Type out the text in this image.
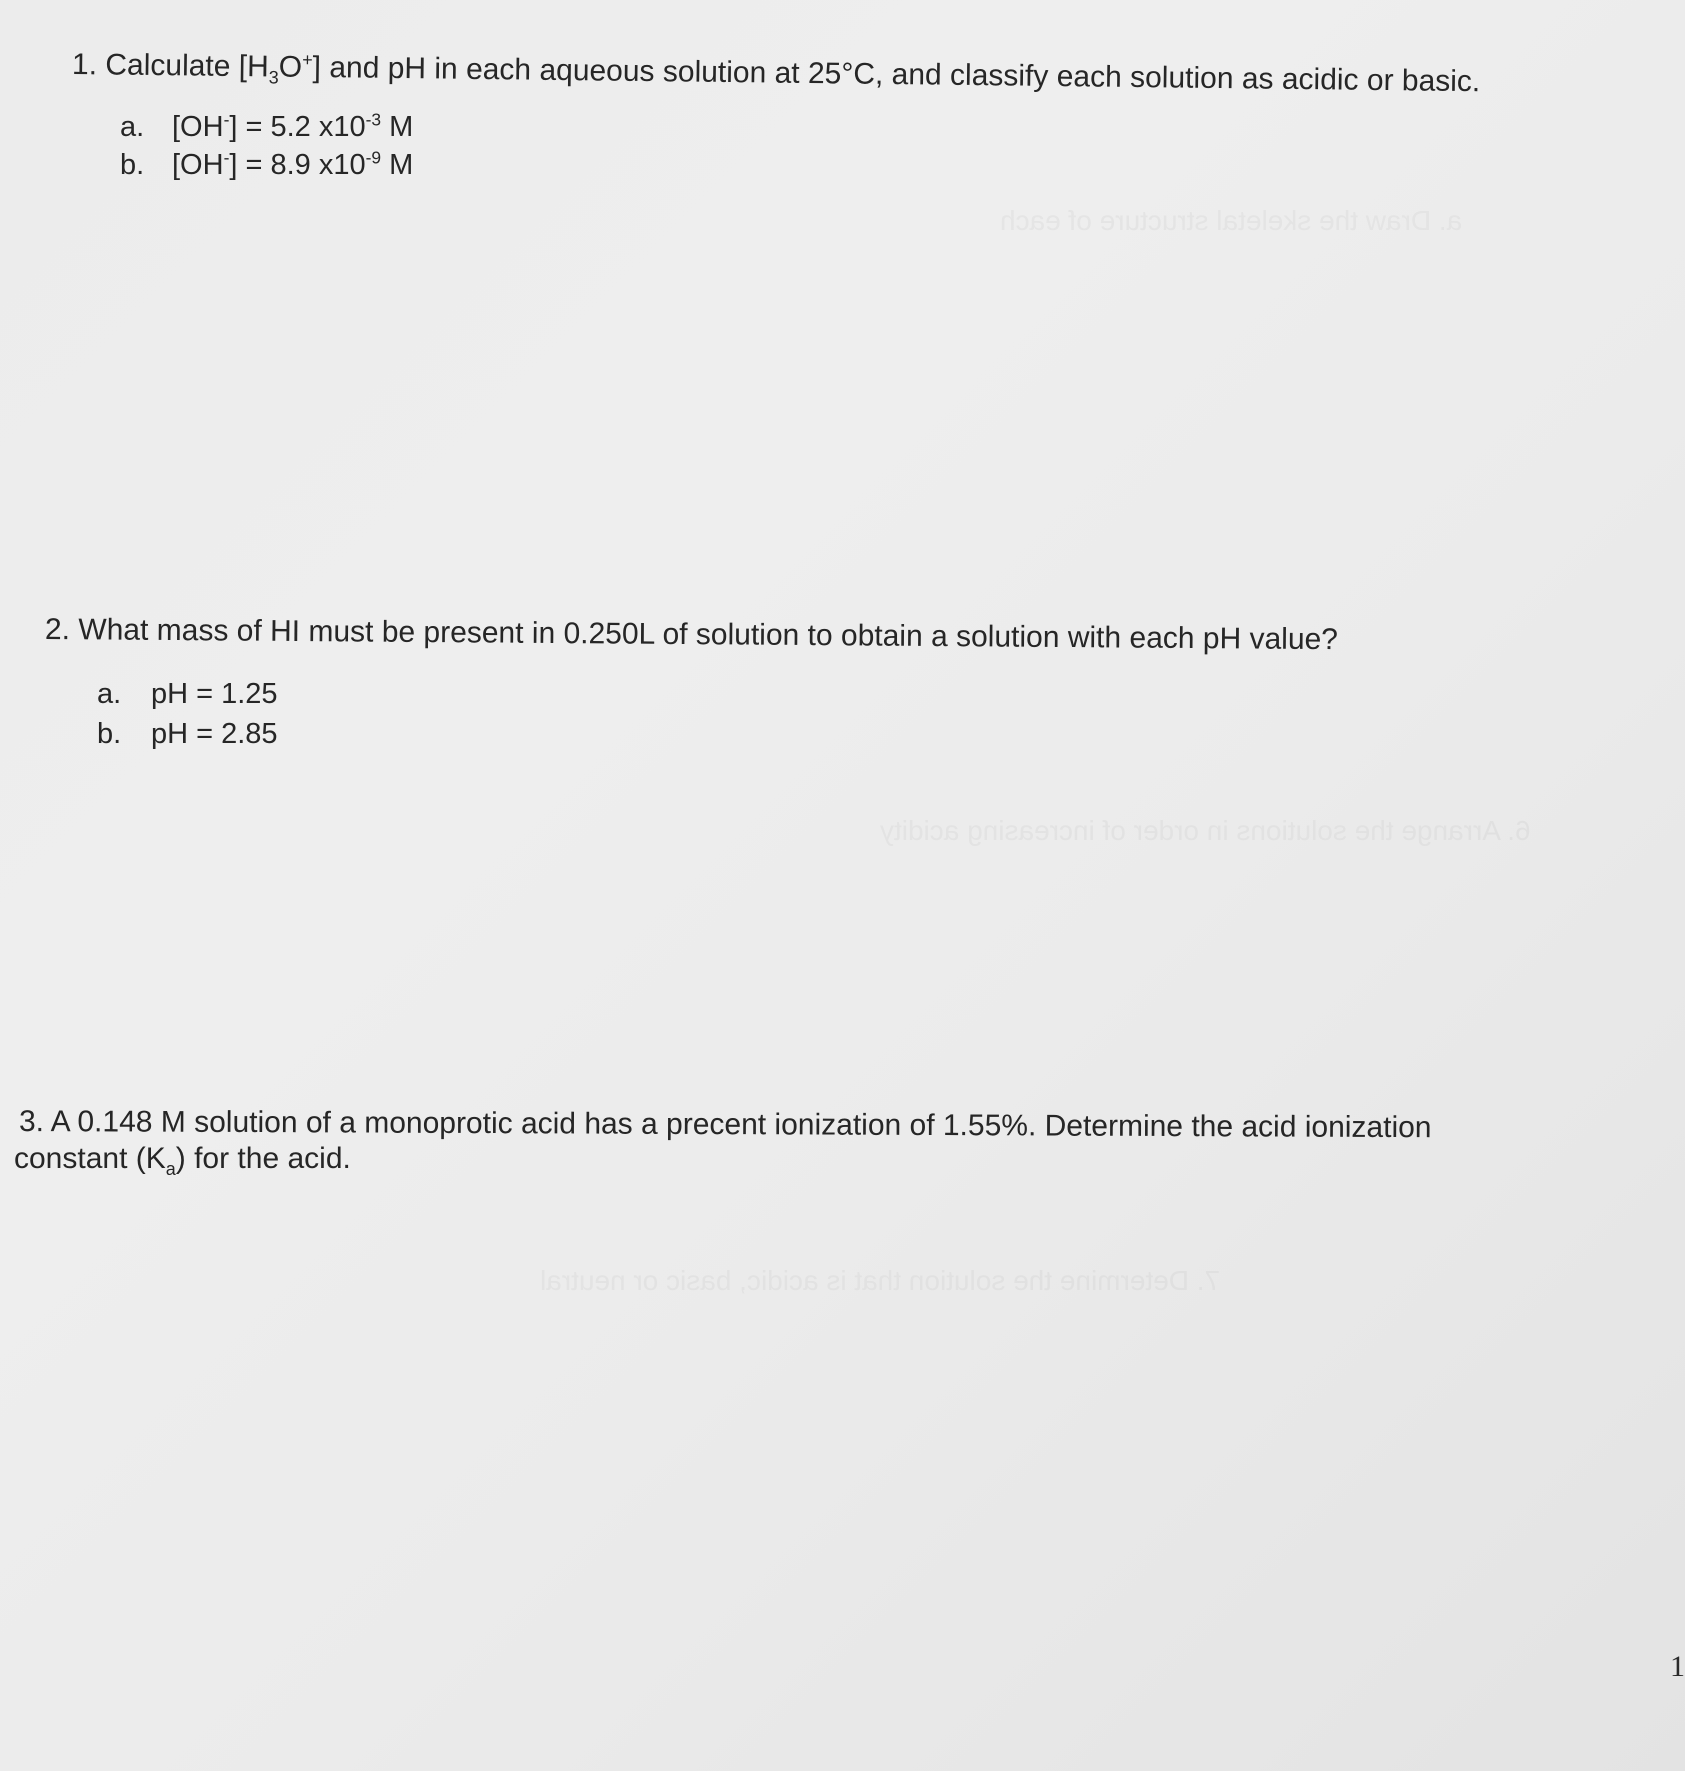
a. Draw the skeletal structure of each
6. Arrange the solutions in order of increasing acidity
7. Determine the solution that is acidic, basic or neutral
1. Calculate $[H_3O^+]$ and pH in each aqueous solution at 25°C, and classify each solution as acidic or basic.
a. [OH-] = 5.2 $x10^{-3}$ M
b. [OH-] = 8.9 $x10^{-9}$ M
2. What mass of HI must be present in 0.250L of solution to obtain a solution with each pH value?
a. pH = 1.25
b. pH = 2.85
3. A 0.148 M solution of a monoprotic acid has a precent ionization of 1.55%. Determine the acid ionization
constant $(K_a)$ for the acid.
1
